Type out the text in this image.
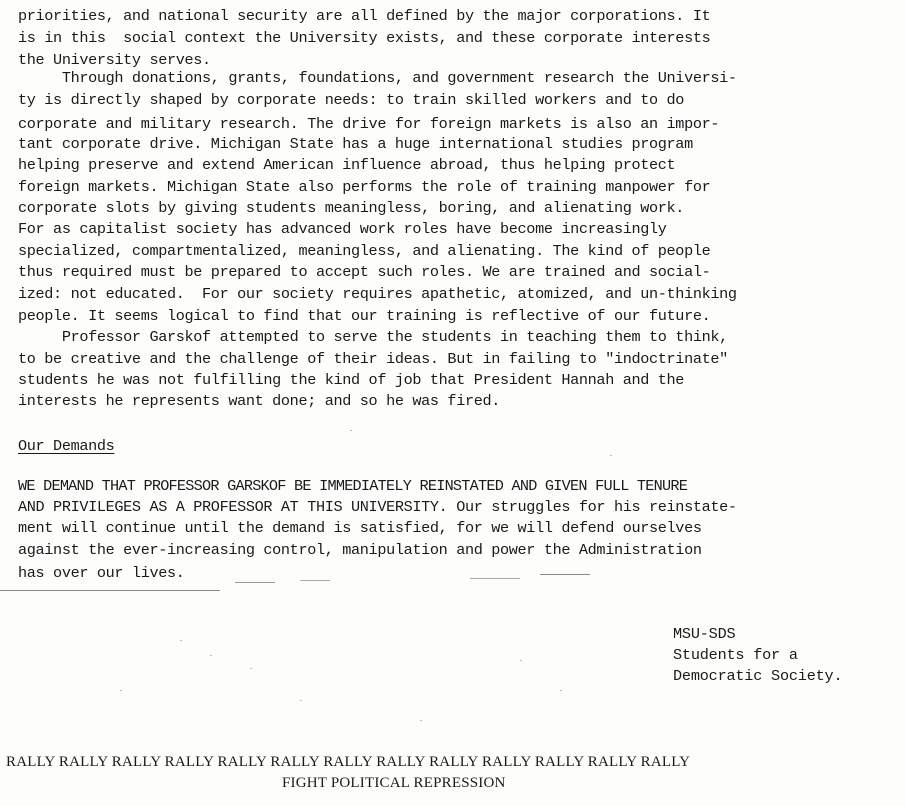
priorities, and national security are all defined by the major corporations. It
is in this  social context the University exists, and these corporate interests
the University serves.
Through donations, grants, foundations, and government research the Universi-
ty is directly shaped by corporate needs: to train skilled workers and to do
corporate and military research. The drive for foreign markets is also an impor-
tant corporate drive. Michigan State has a huge international studies program
helping preserve and extend American influence abroad, thus helping protect
foreign markets. Michigan State also performs the role of training manpower for
corporate slots by giving students meaningless, boring, and alienating work.
For as capitalist society has advanced work roles have become increasingly
specialized, compartmentalized, meaningless, and alienating. The kind of people
thus required must be prepared to accept such roles. We are trained and social-
ized: not educated.  For our society requires apathetic, atomized, and un-thinking
people. It seems logical to find that our training is reflective of our future.
Professor Garskof attempted to serve the students in teaching them to think,
to be creative and the challenge of their ideas. But in failing to "indoctrinate"
students he was not fulfilling the kind of job that President Hannah and the
interests he represents want done; and so he was fired.
Our Demands
WE DEMAND THAT PROFESSOR GARSKOF BE IMMEDIATELY REINSTATED AND GIVEN FULL TENURE
AND PRIVILEGES AS A PROFESSOR AT THIS UNIVERSITY. Our struggles for his reinstate-
ment will continue until the demand is satisfied, for we will defend ourselves
against the ever-increasing control, manipulation and power the Administration
has over our lives.
MSU-SDS
Students for a
Democratic Society.
RALLY RALLY RALLY RALLY RALLY RALLY RALLY RALLY RALLY RALLY RALLY RALLY RALLY
FIGHT POLITICAL REPRESSION
